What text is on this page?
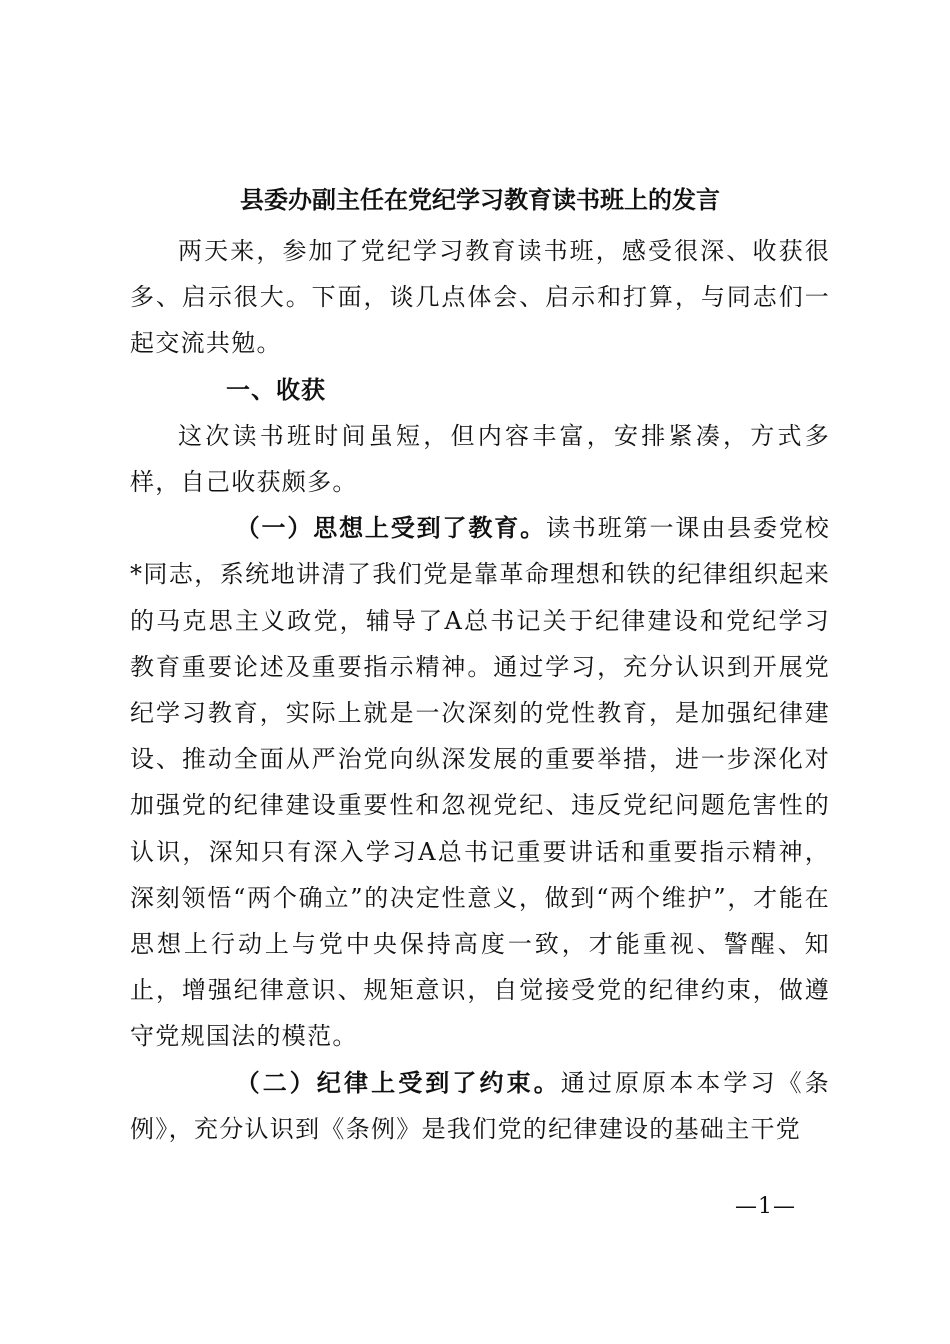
县委办副主任在党纪学习教育读书班上的发言

两天来，参加了党纪学习教育读书班，感受很深、收获很多、启示很大。下面，谈几点体会、启示和打算，与同志们一起交流共勉。

一、收获

这次读书班时间虽短，但内容丰富，安排紧凑，方式多样，自己收获颇多。

（一）思想上受到了教育。读书班第一课由县委党校*同志，系统地讲清了我们党是靠革命理想和铁的纪律组织起来的马克思主义政党，辅导了A总书记关于纪律建设和党纪学习教育重要论述及重要指示精神。通过学习，充分认识到开展党纪学习教育，实际上就是一次深刻的党性教育，是加强纪律建设、推动全面从严治党向纵深发展的重要举措，进一步深化对加强党的纪律建设重要性和忽视党纪、违反党纪问题危害性的认识，深知只有深入学习A总书记重要讲话和重要指示精神，深刻领悟“两个确立”的决定性意义，做到“两个维护”，才能在思想上行动上与党中央保持高度一致，才能重视、警醒、知止，增强纪律意识、规矩意识，自觉接受党的纪律约束，做遵守党规国法的模范。

（二）纪律上受到了约束。通过原原本本学习《条例》，充分认识到《条例》是我们党的纪律建设的基础主干党

—1—
